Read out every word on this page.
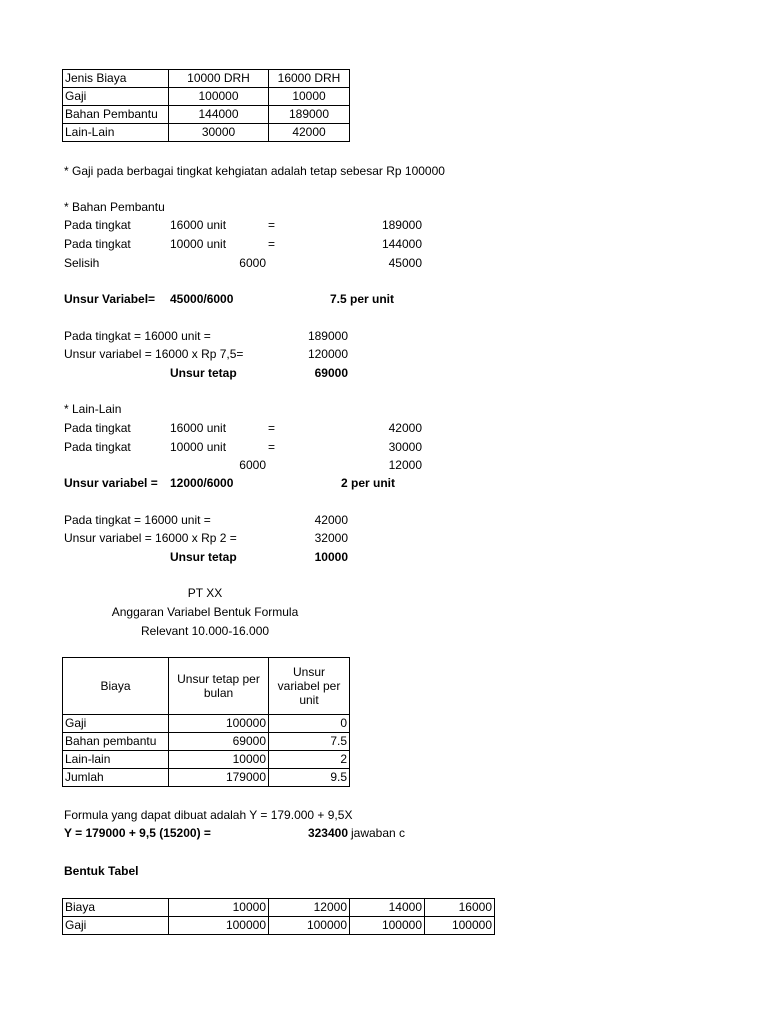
Jenis Biaya	10000 DRH	16000 DRH
Gaji	100000	10000
Bahan Pembantu	144000	189000
Lain-Lain	30000	42000
* Gaji pada berbagai tingkat kehgiatan adalah tetap sebesar Rp 100000
* Bahan Pembantu
Pada tingkat	16000 unit	=	189000
Pada tingkat	10000 unit	=	144000
Selisih	6000	45000
Unsur Variabel= 45000/6000	7.5 per unit
Pada tingkat = 16000 unit =	189000
Unsur variabel = 16000 x Rp 7,5=	120000
Unsur tetap	69000
* Lain-Lain
Pada tingkat	16000 unit	=	42000
Pada tingkat	10000 unit	=	30000
6000	12000
Unsur variabel = 12000/6000	2 per unit
Pada tingkat = 16000 unit =	42000
Unsur variabel = 16000 x Rp 2 =	32000
Unsur tetap	10000
PT XX
Anggaran Variabel Bentuk Formula
Relevant 10.000-16.000
Biaya	Unsur tetap per bulan	Unsur variabel per unit
Gaji	100000	0
Bahan pembantu	69000	7.5
Lain-lain	10000	2
Jumlah	179000	9.5
Formula yang dapat dibuat adalah Y = 179.000 + 9,5X
Y = 179000 + 9,5 (15200) =	323400 jawaban c
Bentuk Tabel
Biaya	10000	12000	14000	16000
Gaji	100000	100000	100000	100000
